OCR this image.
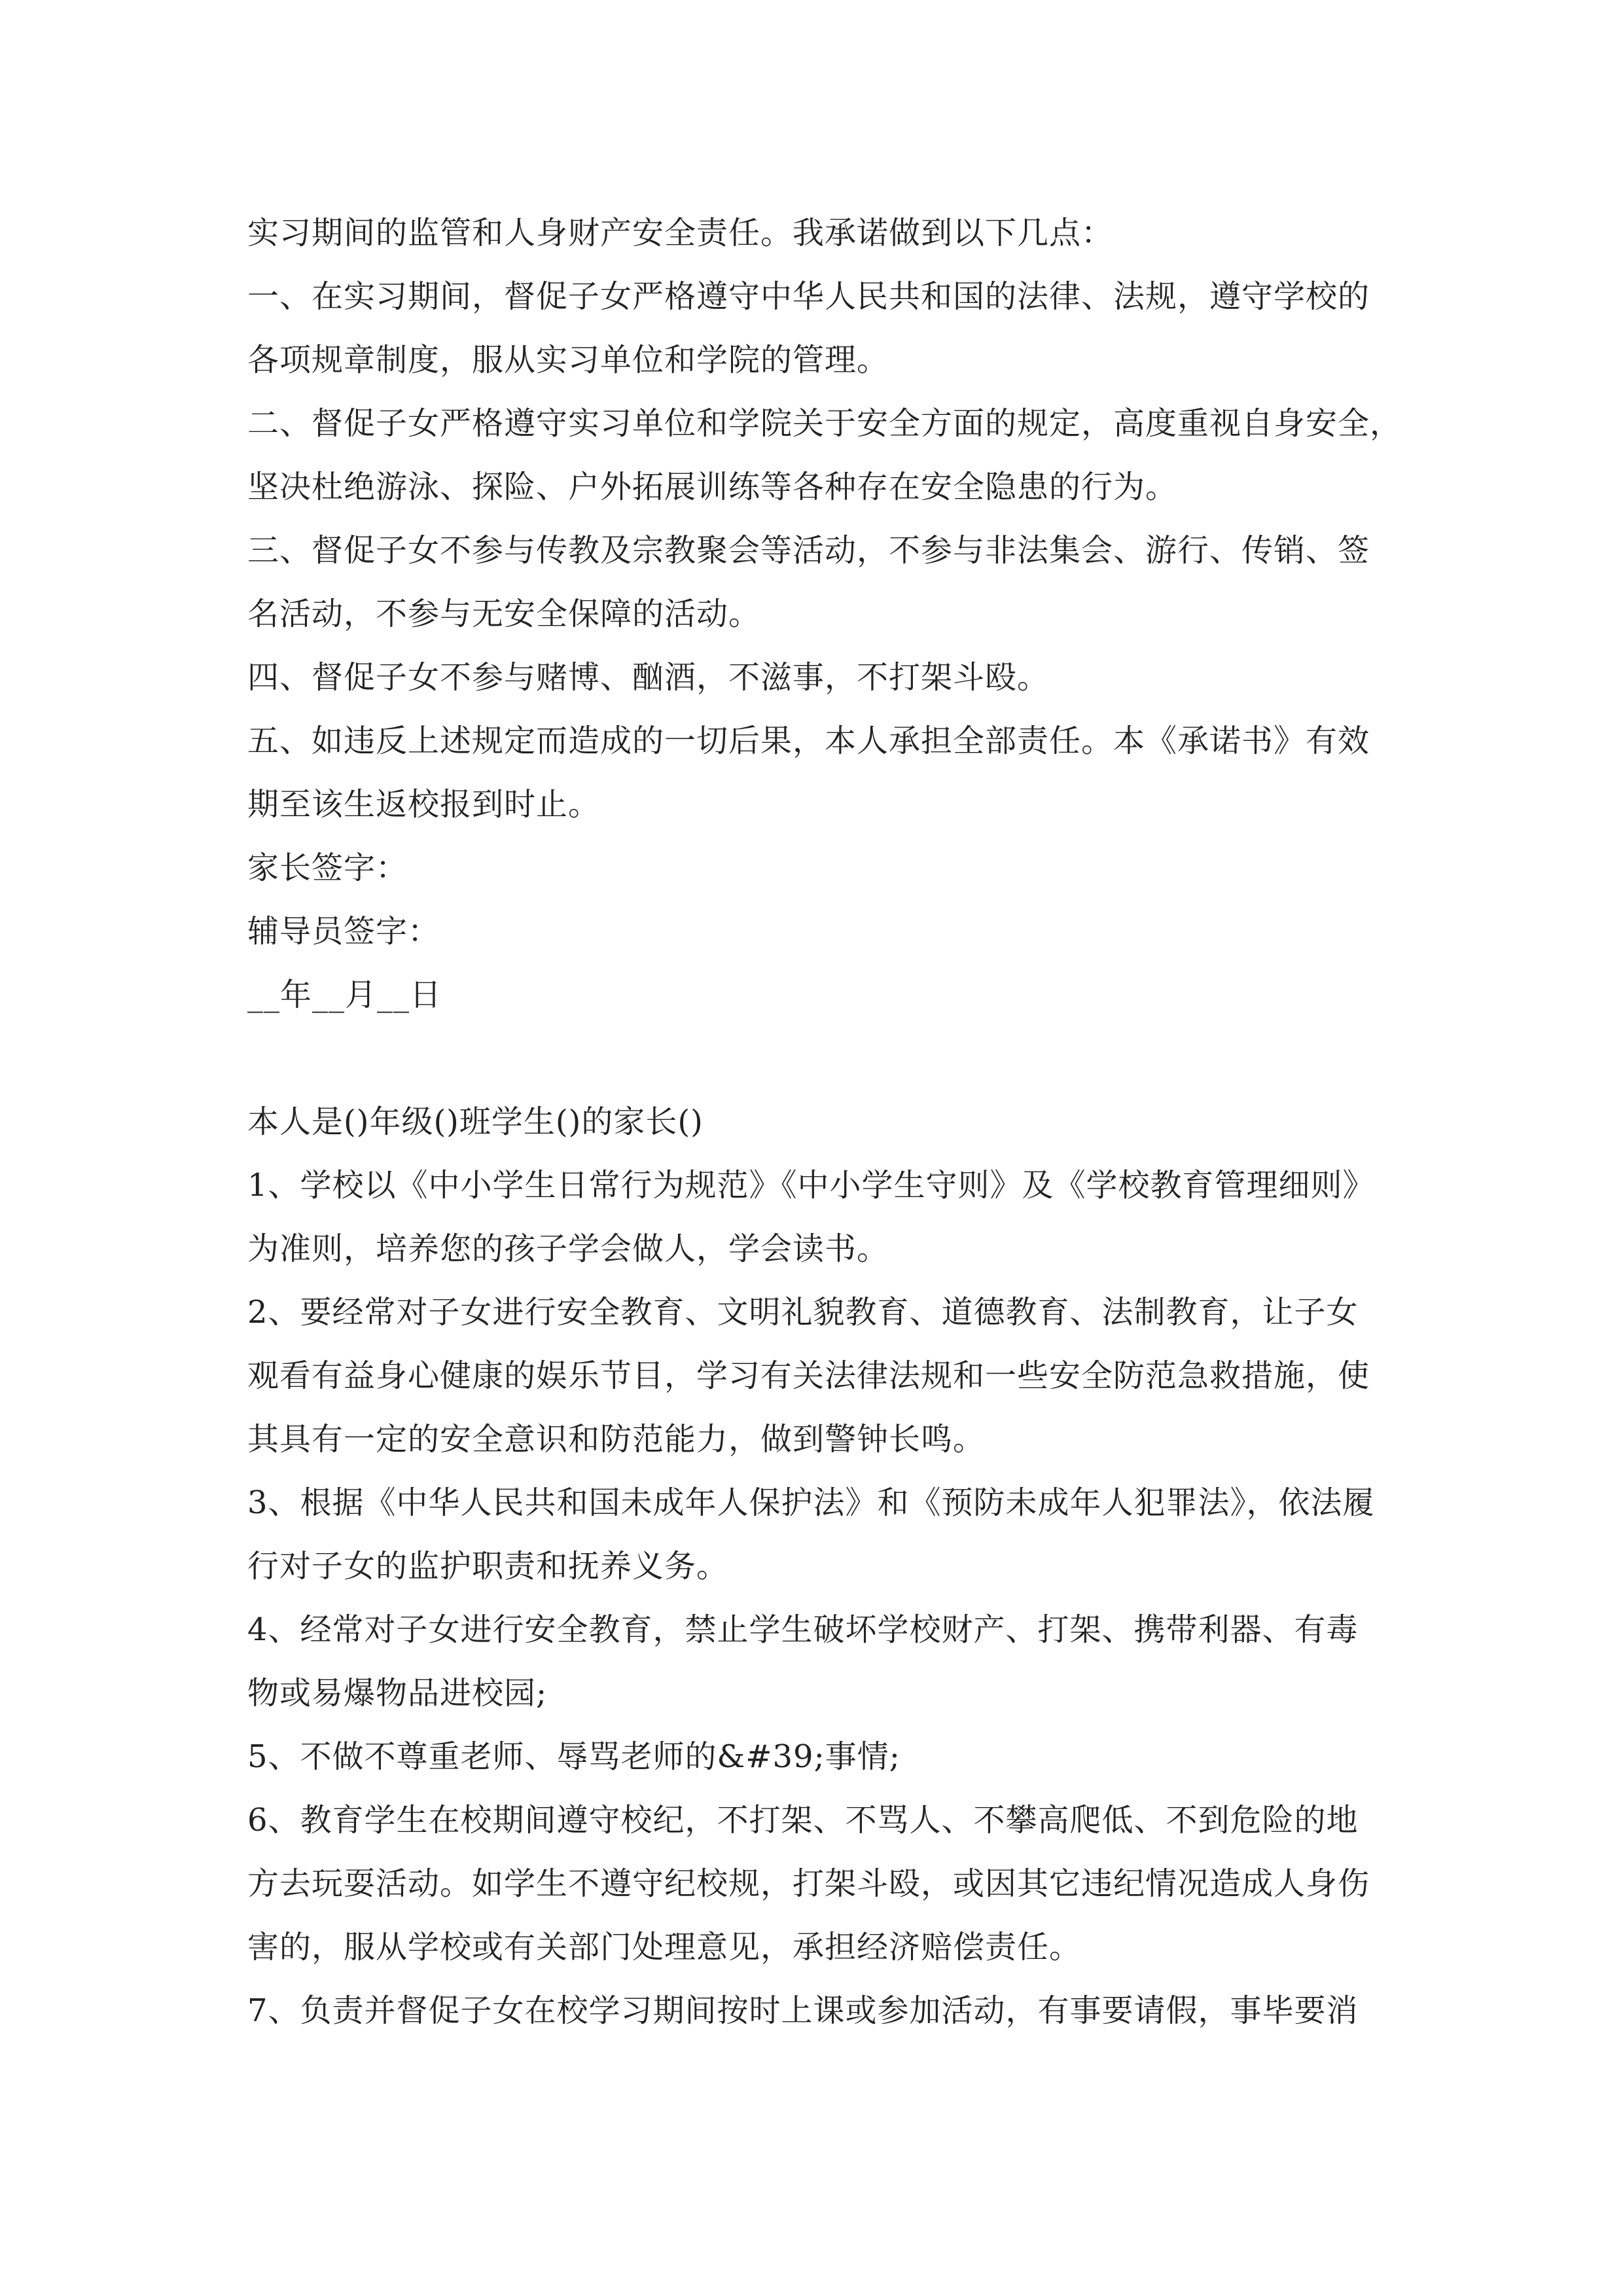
实习期间的监管和人身财产安全责任。我承诺做到以下几点：
一、在实习期间，督促子女严格遵守中华人民共和国的法律、法规，遵守学校的
各项规章制度，服从实习单位和学院的管理。
二、督促子女严格遵守实习单位和学院关于安全方面的规定，高度重视自身安全，
坚决杜绝游泳、探险、户外拓展训练等各种存在安全隐患的行为。
三、督促子女不参与传教及宗教聚会等活动，不参与非法集会、游行、传销、签
名活动，不参与无安全保障的活动。
四、督促子女不参与赌博、酗酒，不滋事，不打架斗殴。
五、如违反上述规定而造成的一切后果，本人承担全部责任。本《承诺书》有效
期至该生返校报到时止。
家长签字：
辅导员签字：
__年__月__日
本人是()年级()班学生()的家长()
1、学校以《中小学生日常行为规范》《中小学生守则》及《学校教育管理细则》
为准则，培养您的孩子学会做人，学会读书。
2、要经常对子女进行安全教育、文明礼貌教育、道德教育、法制教育，让子女
观看有益身心健康的娱乐节目，学习有关法律法规和一些安全防范急救措施，使
其具有一定的安全意识和防范能力，做到警钟长鸣。
3、根据《中华人民共和国未成年人保护法》和《预防未成年人犯罪法》，依法履
行对子女的监护职责和抚养义务。
4、经常对子女进行安全教育，禁止学生破坏学校财产、打架、携带利器、有毒
物或易爆物品进校园;
5、不做不尊重老师、辱骂老师的&#39;事情;
6、教育学生在校期间遵守校纪，不打架、不骂人、不攀高爬低、不到危险的地
方去玩耍活动。如学生不遵守纪校规，打架斗殴，或因其它违纪情况造成人身伤
害的，服从学校或有关部门处理意见，承担经济赔偿责任。
7、负责并督促子女在校学习期间按时上课或参加活动，有事要请假，事毕要消
